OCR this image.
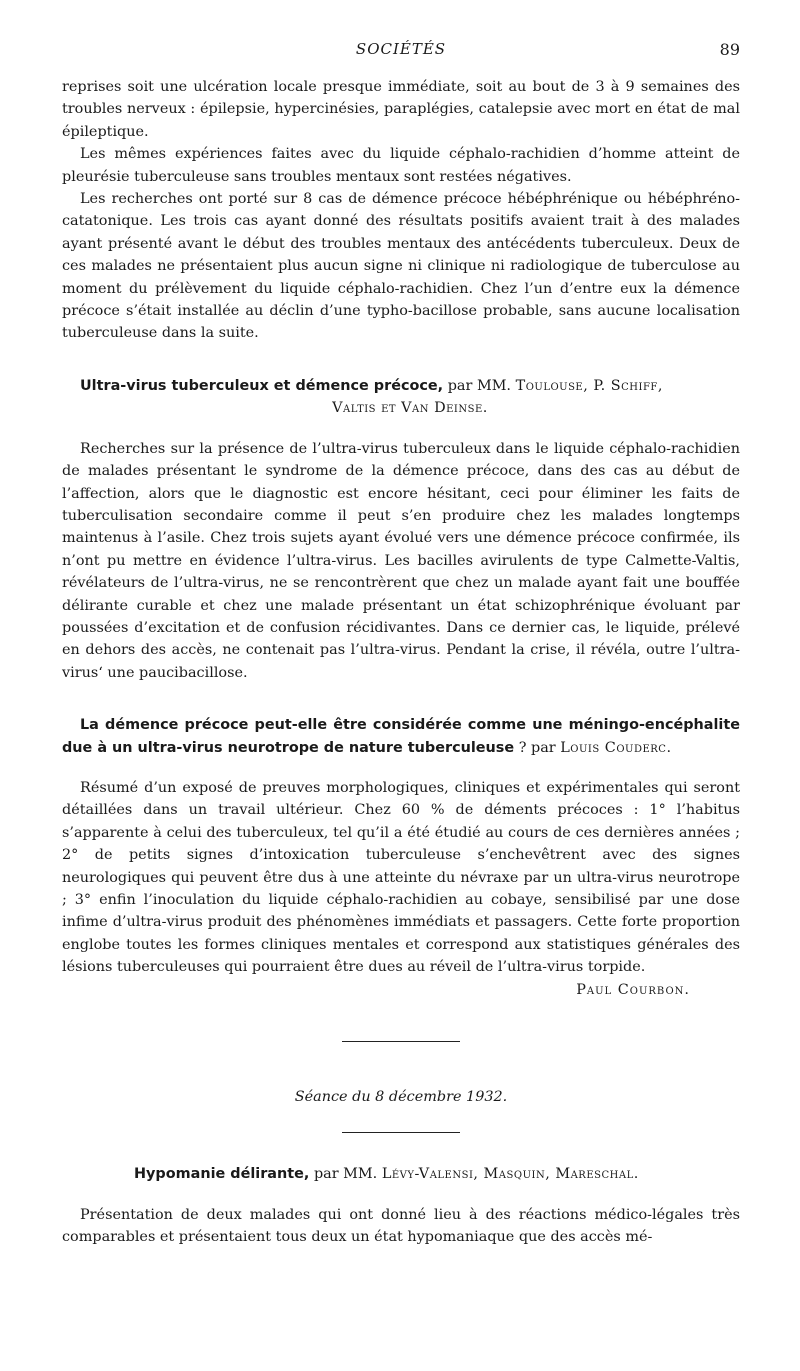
SOCIÉTÉS	89

reprises soit une ulcération locale presque immédiate, soit au bout de 3 à 9 semaines des troubles nerveux : épilepsie, hypercinésies, paraplégies, catalepsie avec mort en état de mal épileptique.

Les mêmes expériences faites avec du liquide céphalo-rachidien d’homme atteint de pleurésie tuberculeuse sans troubles mentaux sont restées négatives.

Les recherches ont porté sur 8 cas de démence précoce hébéphrénique ou hébéphréno-catatonique. Les trois cas ayant donné des résultats positifs avaient trait à des malades ayant présenté avant le début des troubles mentaux des antécédents tuberculeux. Deux de ces malades ne présentaient plus aucun signe ni clinique ni radiologique de tuberculose au moment du prélèvement du liquide céphalo-rachidien. Chez l’un d’entre eux la démence précoce s’était installée au déclin d’une typho-bacillose probable, sans aucune localisation tuberculeuse dans la suite.

Ultra-virus tuberculeux et démence précoce, par MM. Toulouse, P. Schiff,
Valtis et Van Deinse.

Recherches sur la présence de l’ultra-virus tuberculeux dans le liquide céphalo-rachidien de malades présentant le syndrome de la démence précoce, dans des cas au début de l’affection, alors que le diagnostic est encore hésitant, ceci pour éliminer les faits de tuberculisation secondaire comme il peut s’en produire chez les malades longtemps maintenus à l’asile. Chez trois sujets ayant évolué vers une démence précoce confirmée, ils n’ont pu mettre en évidence l’ultra-virus. Les bacilles avirulents de type Calmette-Valtis, révélateurs de l’ultra-virus, ne se rencontrèrent que chez un malade ayant fait une bouffée délirante curable et chez une malade présentant un état schizophrénique évoluant par poussées d’excitation et de confusion récidivantes. Dans ce dernier cas, le liquide, prélevé en dehors des accès, ne contenait pas l’ultra-virus. Pendant la crise, il révéla, outre l’ultra-virus‘ une paucibacillose.

La démence précoce peut-elle être considérée comme une méningo-encéphalite due à un ultra-virus neurotrope de nature tuberculeuse ? par Louis Couderc.

Résumé d’un exposé de preuves morphologiques, cliniques et expérimentales qui seront détaillées dans un travail ultérieur. Chez 60 % de déments précoces : 1° l’habitus s’apparente à celui des tuberculeux, tel qu’il a été étudié au cours de ces dernières années ; 2° de petits signes d’intoxication tuberculeuse s’enchevêtrent avec des signes neurologiques qui peuvent être dus à une atteinte du névraxe par un ultra-virus neurotrope ; 3° enfin l’inoculation du liquide céphalo-rachidien au cobaye, sensibilisé par une dose infime d’ultra-virus produit des phénomènes immédiats et passagers. Cette forte proportion englobe toutes les formes cliniques mentales et correspond aux statistiques générales des lésions tuberculeuses qui pourraient être dues au réveil de l’ultra-virus torpide.

Paul Courbon.
Séance du 8 décembre 1932.

Hypomanie délirante, par MM. Lévy-Valensi, Masquin, Mareschal.

Présentation de deux malades qui ont donné lieu à des réactions médico-légales très comparables et présentaient tous deux un état hypomaniaque que des accès mé-
